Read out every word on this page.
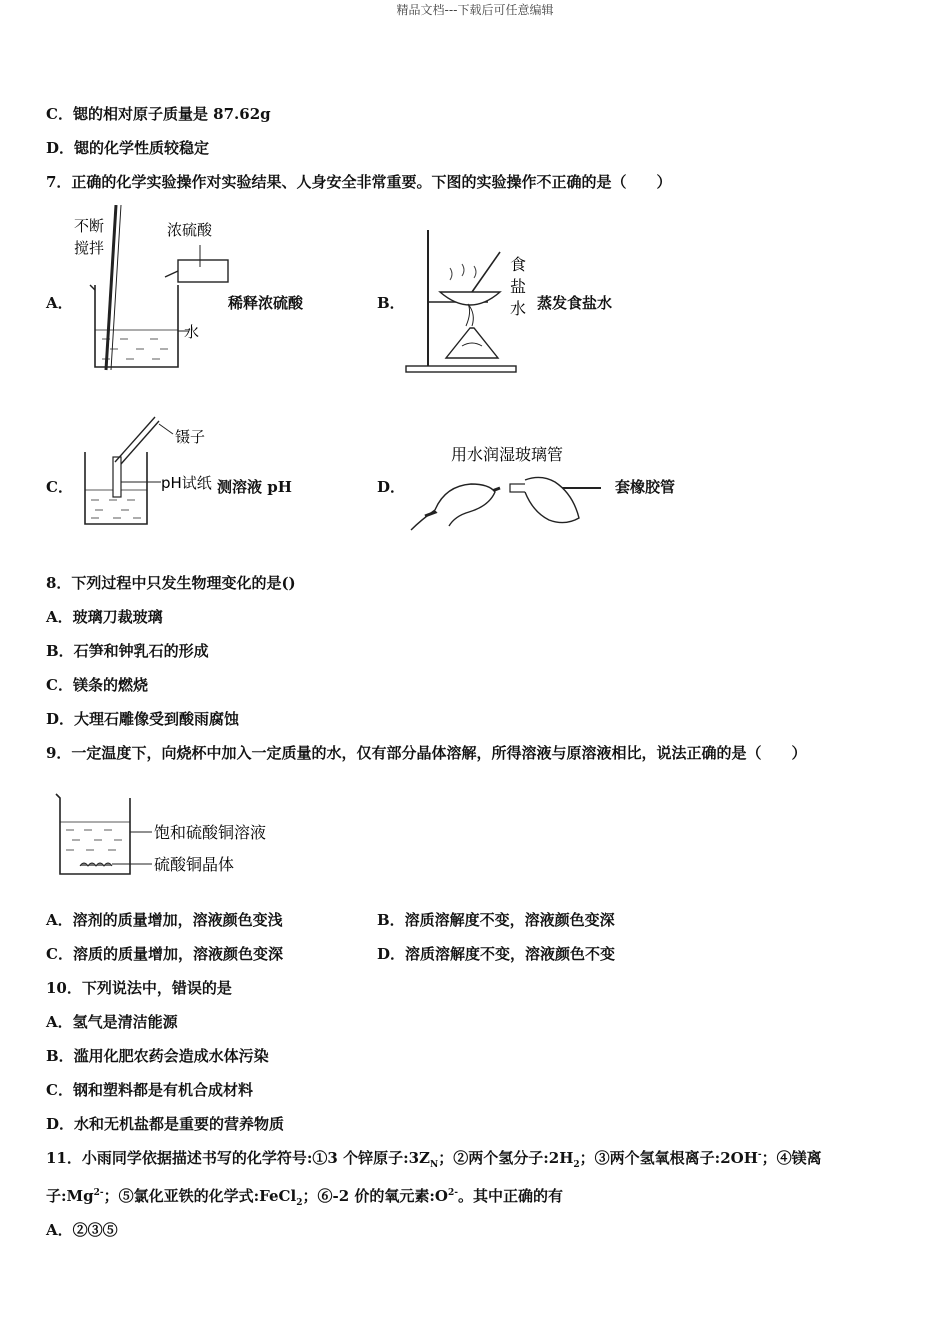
精品文档---下载后可任意编辑
C．锶的相对原子质量是 87.62g
D．锶的化学性质较稳定
7．正确的化学实验操作对实验结果、人身安全非常重要。下图的实验操作不正确的是（　　）
A．
不断
搅拌
浓硫酸
水
稀释浓硫酸	B．
食
盐
水 蒸发食盐水
C．
镊子
pH试纸 测溶液 pH	D．
用水润湿玻璃管
套橡胶管
8．下列过程中只发生物理变化的是()
A．玻璃刀裁玻璃
B．石笋和钟乳石的形成
C．镁条的燃烧
D．大理石雕像受到酸雨腐蚀
9．一定温度下，向烧杯中加入一定质量的水，仅有部分晶体溶解，所得溶液与原溶液相比，说法正确的是（　　）
饱和硫酸铜溶液
硫酸铜晶体
A．溶剂的质量增加，溶液颜色变浅	B．溶质溶解度不变，溶液颜色变深
C．溶质的质量增加，溶液颜色变深	D．溶质溶解度不变，溶液颜色不变
10．下列说法中，错误的是
A．氢气是清洁能源
B．滥用化肥农药会造成水体污染
C．钢和塑料都是有机合成材料
D．水和无机盐都是重要的营养物质
11．小雨同学依据描述书写的化学符号:①3 个锌原子$:3Z_N$；②两个氢分子$:2H_2$；③两个氢氧根离子:2OH-；④镁离
子$:Mg^{2-}$；⑤氯化亚铁的化学式:FeCl$_2$；⑥-2 价的氧元素$:O^{2-}$。其中正确的有
A．②③⑤
